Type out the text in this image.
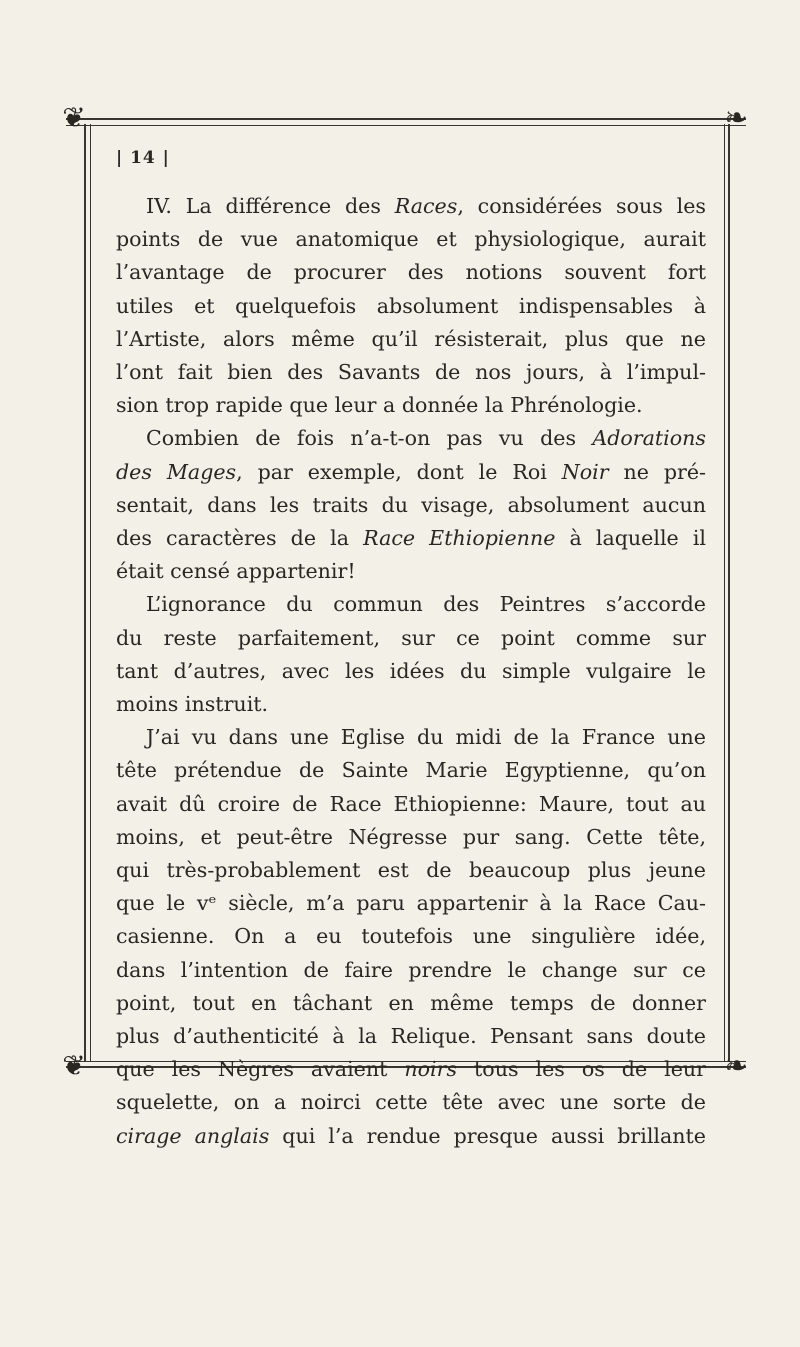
❦	❧
❦	❧
| 14 |
IV. La différence des Races, considérées sous les
points de vue anatomique et physiologique, aurait
l’avantage de procurer des notions souvent fort
utiles et quelquefois absolument indispensables à
l’Artiste, alors même qu’il résisterait, plus que ne
l’ont fait bien des Savants de nos jours, à l’impul-
sion trop rapide que leur a donnée la Phrénologie.
Combien de fois n’a-t-on pas vu des Adorations
des Mages, par exemple, dont le Roi Noir ne pré-
sentait, dans les traits du visage, absolument aucun
des caractères de la Race Ethiopienne à laquelle il
était censé appartenir!
L’ignorance du commun des Peintres s’accorde
du reste parfaitement, sur ce point comme sur
tant d’autres, avec les idées du simple vulgaire le
moins instruit.
J’ai vu dans une Eglise du midi de la France une
tête prétendue de Sainte Marie Egyptienne, qu’on
avait dû croire de Race Ethiopienne: Maure, tout au
moins, et peut-être Négresse pur sang. Cette tête,
qui très-probablement est de beaucoup plus jeune
que le vᵉ siècle, m’a paru appartenir à la Race Cau-
casienne. On a eu toutefois une singulière idée,
dans l’intention de faire prendre le change sur ce
point, tout en tâchant en même temps de donner
plus d’authenticité à la Relique. Pensant sans doute
que les Nègres avaient noirs tous les os de leur
squelette, on a noirci cette tête avec une sorte de
cirage anglais qui l’a rendue presque aussi brillante
